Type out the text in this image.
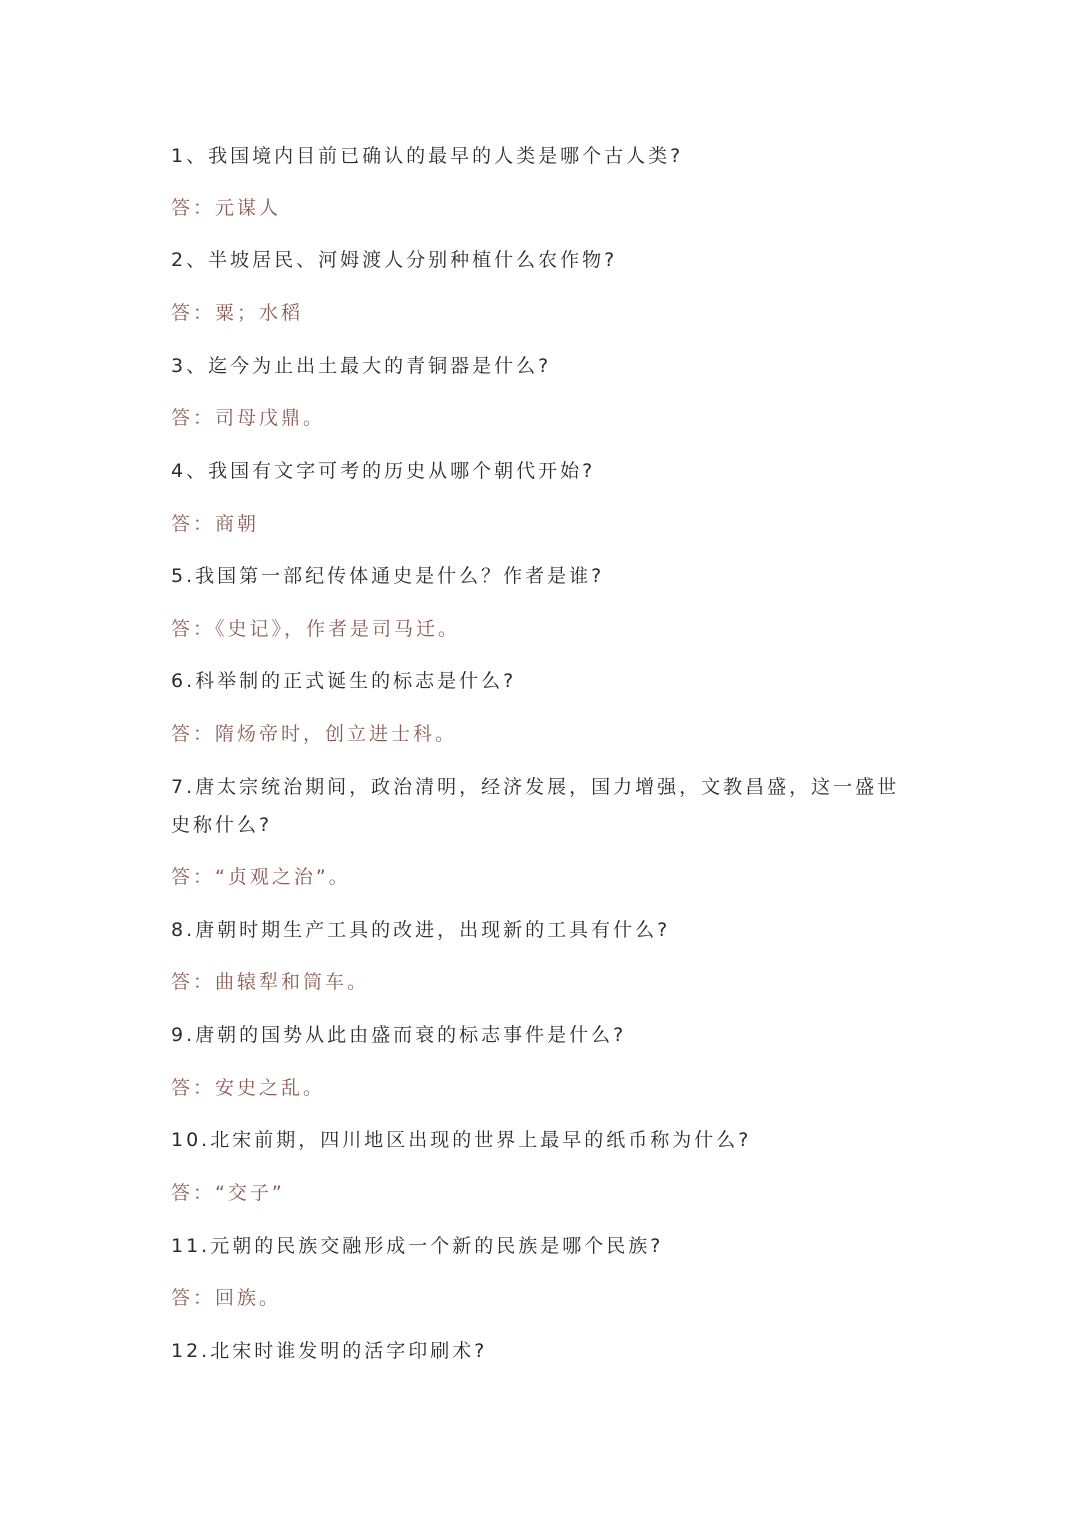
1、我国境内目前已确认的最早的人类是哪个古人类?
答：元谋人
2、半坡居民、河姆渡人分别种植什么农作物?
答：粟；水稻
3、迄今为止出土最大的青铜器是什么?
答：司母戊鼎。
4、我国有文字可考的历史从哪个朝代开始?
答：商朝
5.我国第一部纪传体通史是什么？作者是谁?
答：《史记》，作者是司马迁。
6.科举制的正式诞生的标志是什么?
答：隋炀帝时，创立进士科。
7.唐太宗统治期间，政治清明，经济发展，国力增强，文教昌盛，这一盛世
史称什么?
答：“贞观之治”。
8.唐朝时期生产工具的改进，出现新的工具有什么?
答：曲辕犁和筒车。
9.唐朝的国势从此由盛而衰的标志事件是什么?
答：安史之乱。
10.北宋前期，四川地区出现的世界上最早的纸币称为什么?
答：“交子”
11.元朝的民族交融形成一个新的民族是哪个民族?
答：回族。
12.北宋时谁发明的活字印刷术?
